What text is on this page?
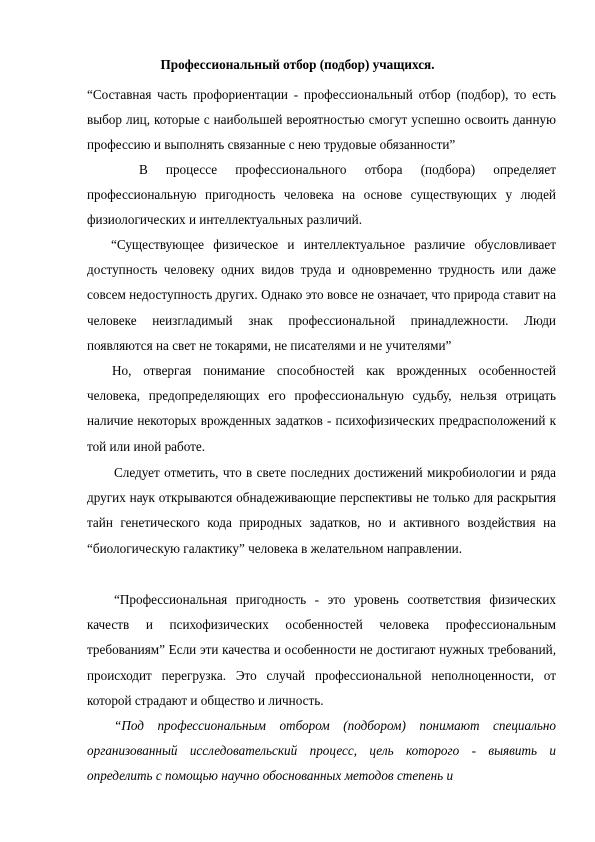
Профессиональный отбор (подбор) учащихся.

“Составная часть профориентации - профессиональный отбор (подбор), то есть выбор лиц, которые с наибольшей вероятностью смогут успешно освоить данную профессию и выполнять связанные с нею трудовые обязанности”

В процессе профессионального отбора (подбора) определяет профессиональную пригодность человека на основе существующих у людей физиологических и интеллектуальных различий.

“Существующее физическое и интеллектуальное различие обусловливает доступность человеку одних видов труда и одновременно трудность или даже совсем недоступность других. Однако это вовсе не означает, что природа ставит на человеке неизгладимый знак профессиональной принадлежности. Люди появляются на свет не токарями, не писателями и не учителями”

Но, отвергая понимание способностей как врожденных особенностей человека, предопределяющих его профессиональную судьбу, нельзя отрицать наличие некоторых врожденных задатков - психофизических предрасположений к той или иной работе.

Следует отметить, что в свете последних достижений микробиологии и ряда других наук открываются обнадеживающие перспективы не только для раскрытия тайн генетического кода природных задатков, но и активного воздействия на “биологическую галактику” человека в желательном направлении.

“Профессиональная пригодность - это уровень соответствия физических качеств и психофизических особенностей человека профессиональным требованиям” Если эти качества и особенности не достигают нужных требований, происходит перегрузка. Это случай профессиональной неполноценности, от которой страдают и общество и личность.

“Под профессиональным отбором (подбором) понимают специально организованный исследовательский процесс, цель которого - выявить и определить с помощью научно обоснованных методов степень и
